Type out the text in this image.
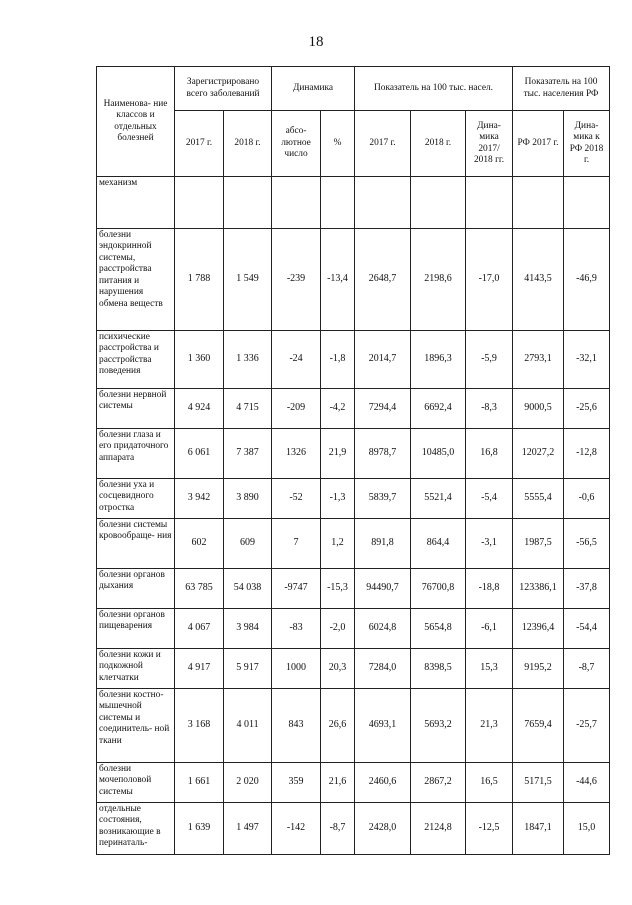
18
Наименова- ние классов и отдельных болезней	Зарегистрировано всего заболеваний		Динамика		Показатель на 100 тыс. насел.			Показатель на 100 тыс. населения РФ	
	2017 г.	2018 г.	абсо- лютное число	%	2017 г.	2018 г.	Дина- мика 2017/ 2018 гг.	РФ 2017 г.	Дина- мика к РФ 2018 г.
механизм									
болезни эндокринной системы, расстройства питания и нарушения обмена веществ	1 788	1 549	-239	-13,4	2648,7	2198,6	-17,0	4143,5	-46,9
психические расстройства и расстройства поведения	1 360	1 336	-24	-1,8	2014,7	1896,3	-5,9	2793,1	-32,1
болезни нервной системы	4 924	4 715	-209	-4,2	7294,4	6692,4	-8,3	9000,5	-25,6
болезни глаза и его придаточного аппарата	6 061	7 387	1326	21,9	8978,7	10485,0	16,8	12027,2	-12,8
болезни уха и сосцевидного отростка	3 942	3 890	-52	-1,3	5839,7	5521,4	-5,4	5555,4	-0,6
болезни системы кровообраще- ния	602	609	7	1,2	891,8	864,4	-3,1	1987,5	-56,5
болезни органов дыхания	63 785	54 038	-9747	-15,3	94490,7	76700,8	-18,8	123386,1	-37,8
болезни органов пищеварения	4 067	3 984	-83	-2,0	6024,8	5654,8	-6,1	12396,4	-54,4
болезни кожи и подкожной клетчатки	4 917	5 917	1000	20,3	7284,0	8398,5	15,3	9195,2	-8,7
болезни костно- мышечной системы и соединитель- ной ткани	3 168	4 011	843	26,6	4693,1	5693,2	21,3	7659,4	-25,7
болезни мочеполовой системы	1 661	2 020	359	21,6	2460,6	2867,2	16,5	5171,5	-44,6
отдельные состояния, возникающие в перинаталь-	1 639	1 497	-142	-8,7	2428,0	2124,8	-12,5	1847,1	15,0
